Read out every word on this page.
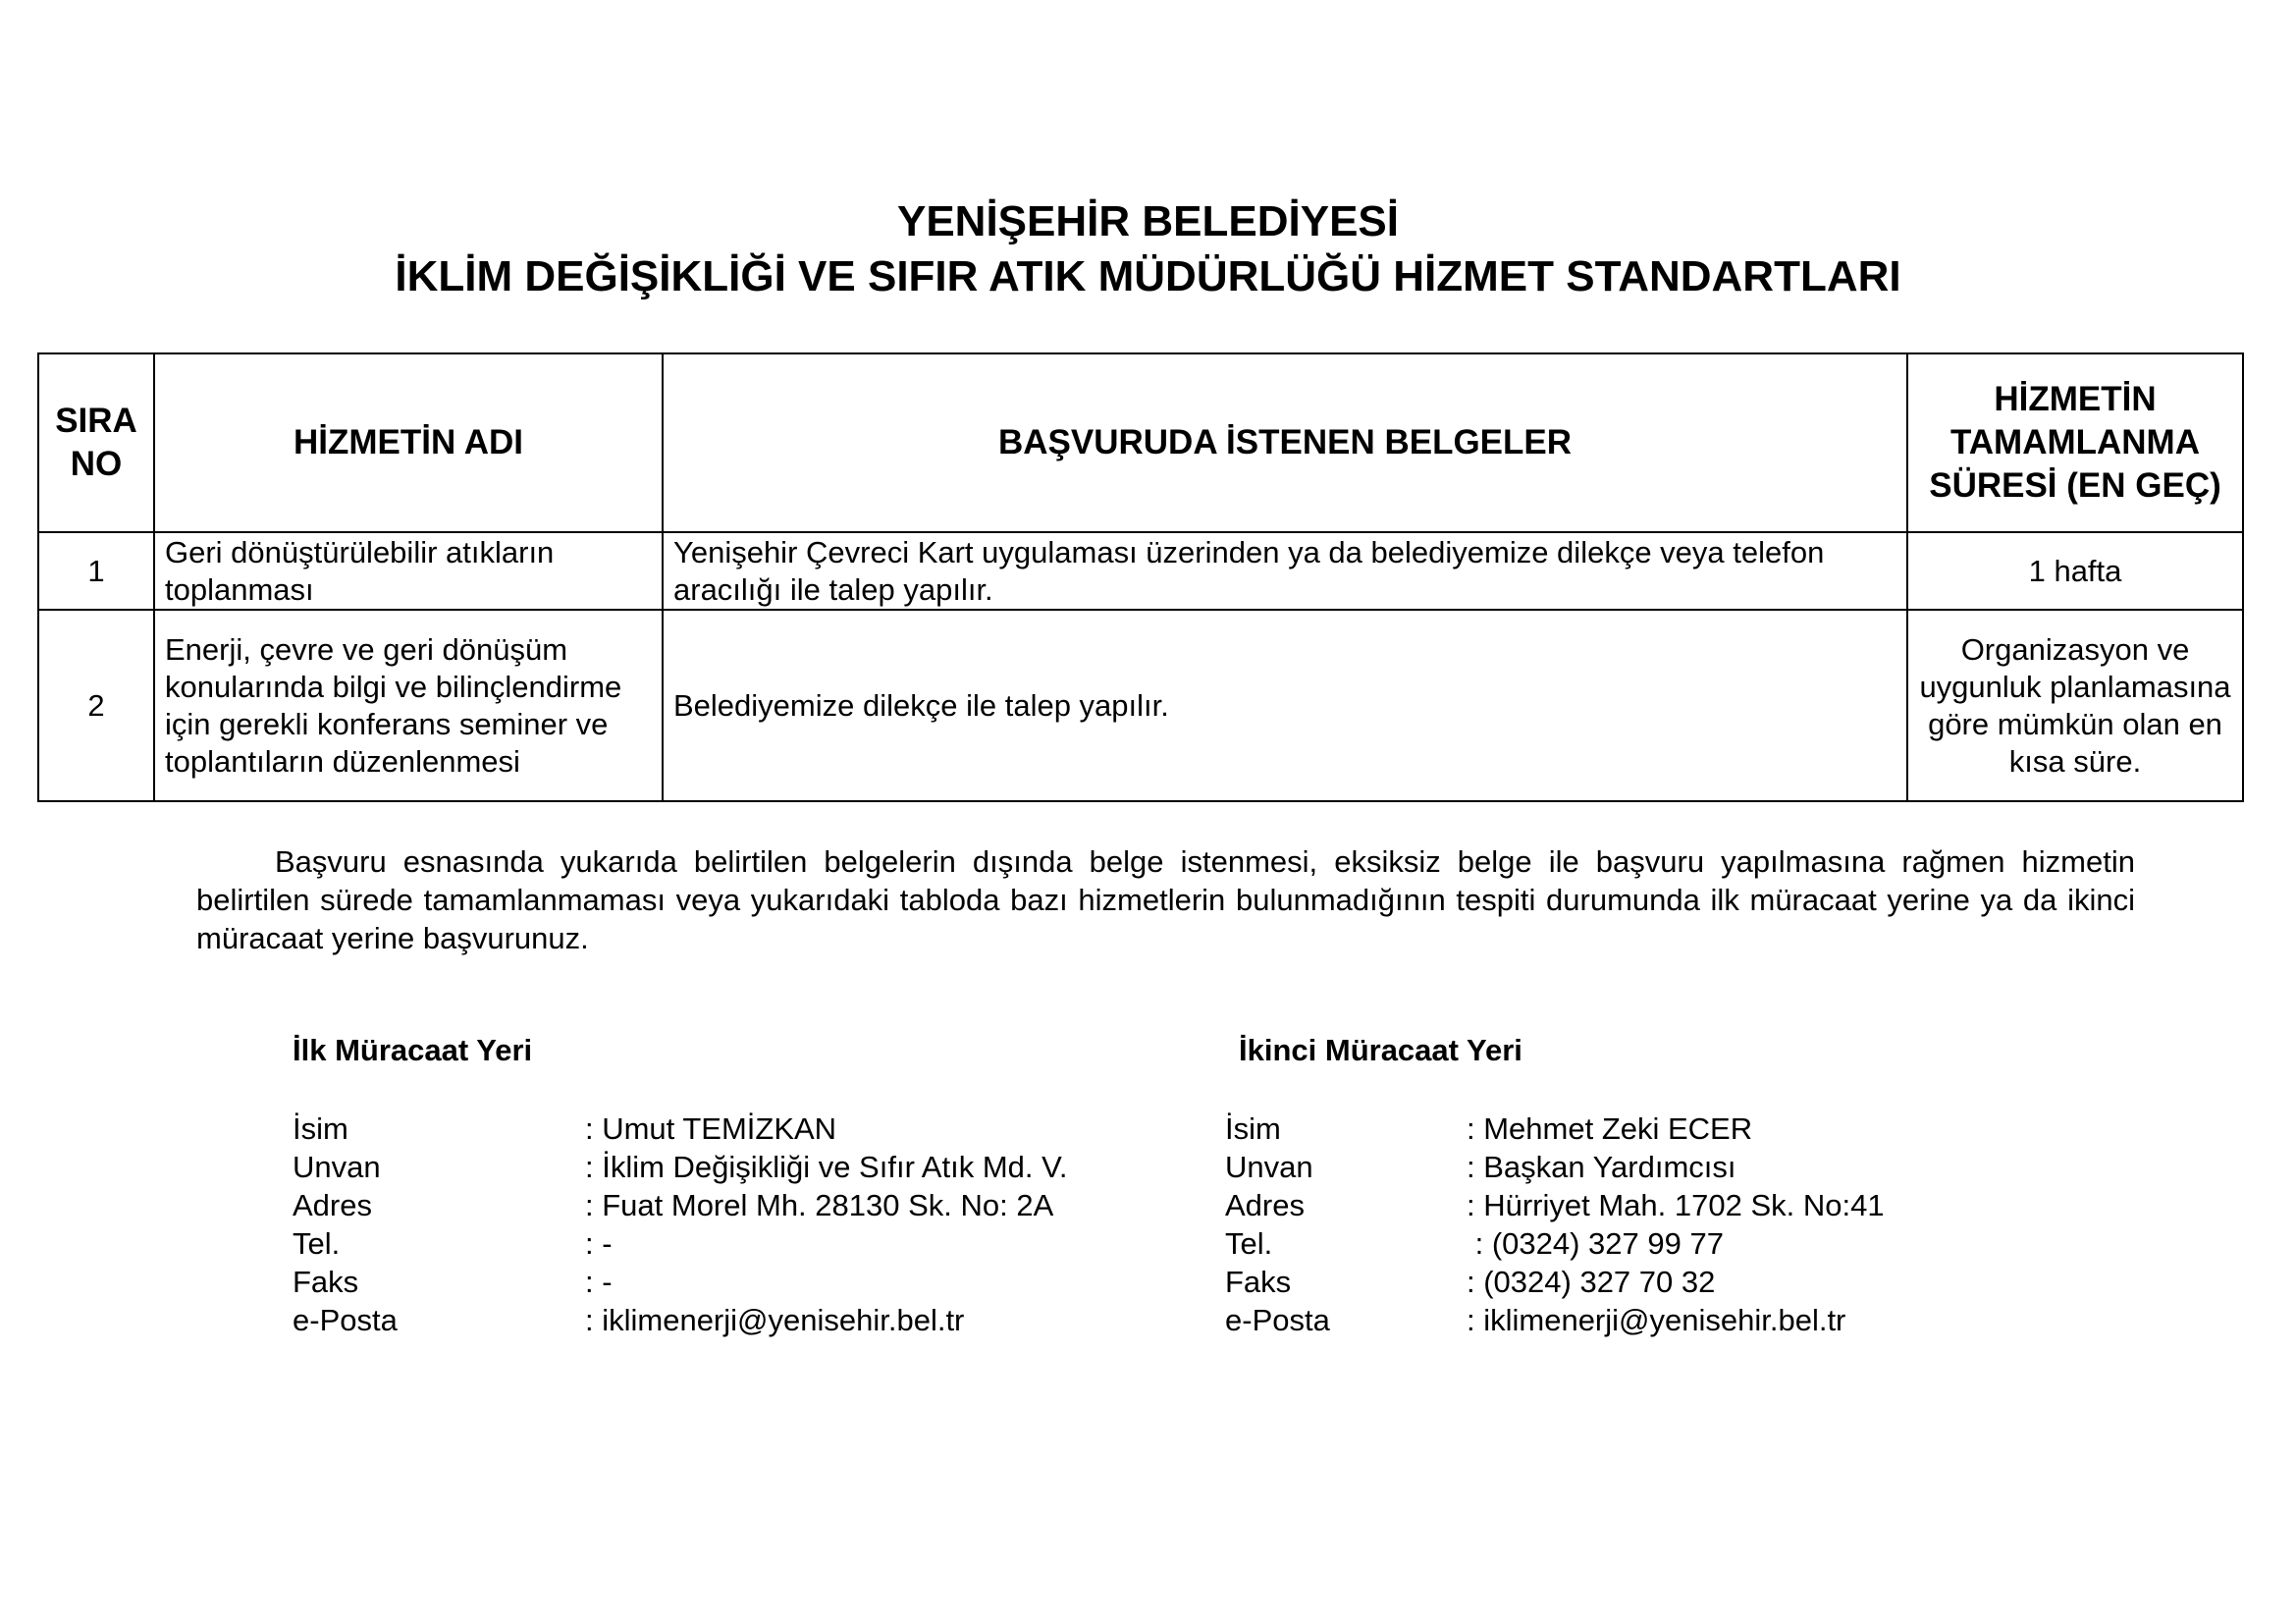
YENİŞEHİR BELEDİYESİ
İKLİM DEĞİŞİKLİĞİ VE SIFIR ATIK MÜDÜRLÜĞÜ HİZMET STANDARTLARI
SIRA NO	HİZMETİN ADI	BAŞVURUDA İSTENEN BELGELER	HİZMETİN TAMAMLANMA SÜRESİ (EN GEÇ)
1	Geri dönüştürülebilir atıkların toplanması	Yenişehir Çevreci Kart uygulaması üzerinden ya da belediyemize dilekçe veya telefon aracılığı ile talep yapılır.	1 hafta
2	Enerji, çevre ve geri dönüşüm konularında bilgi ve bilinçlendirme için gerekli konferans seminer ve toplantıların düzenlenmesi	Belediyemize dilekçe ile talep yapılır.	Organizasyon ve uygunluk planlamasına göre mümkün olan en kısa süre.
Başvuru esnasında yukarıda belirtilen belgelerin dışında belge istenmesi, eksiksiz belge ile başvuru yapılmasına rağmen hizmetin belirtilen sürede tamamlanmaması veya yukarıdaki tabloda bazı hizmetlerin bulunmadığının tespiti durumunda ilk müracaat yerine ya da ikinci müracaat yerine başvurunuz.
İlk Müracaat Yeri	İkinci Müracaat Yeri
İsim	: Umut TEMİZKAN
Unvan	: İklim Değişikliği ve Sıfır Atık Md. V.
Adres	: Fuat Morel Mh. 28130 Sk. No: 2A
Tel.	: -
Faks	: -
e-Posta	: iklimenerji@yenisehir.bel.tr
İsim	: Mehmet Zeki ECER
Unvan	: Başkan Yardımcısı
Adres	: Hürriyet Mah. 1702 Sk. No:41
Tel.	: (0324) 327 99 77
Faks	: (0324) 327 70 32
e-Posta	: iklimenerji@yenisehir.bel.tr
